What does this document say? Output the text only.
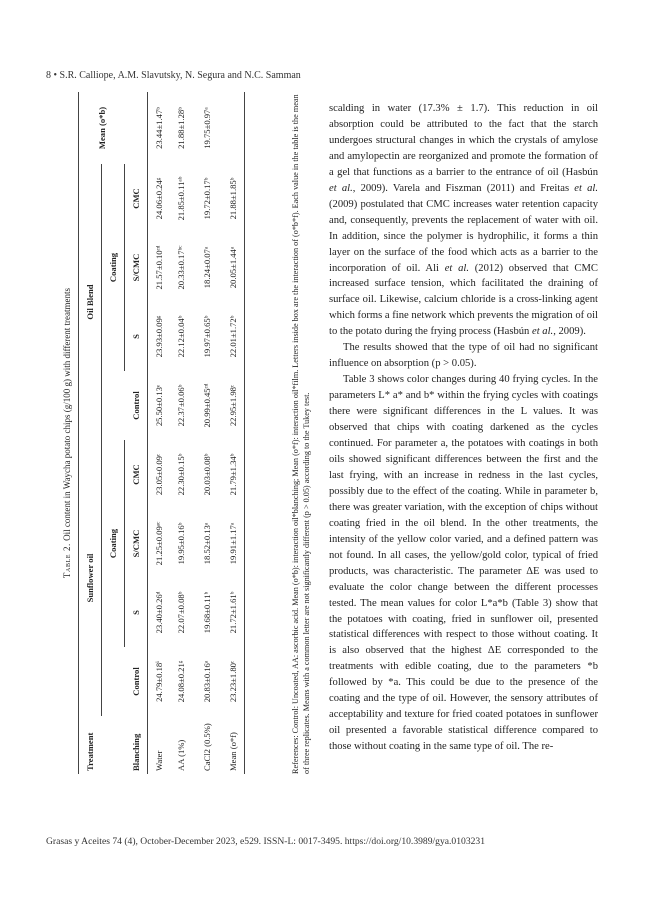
8 • S.R. Calliope, A.M. Slavutsky, N. Segura and N.C. Samman
Table 2. Oil content in Waycha potato chips (g/100 g) with different treatments
Treatment	Sunflower oil				Oil Blend				Mean (o*b)
		Coating				Coating			
Blanching	Control	S	S/CMC	CMC	Control	S	S/CMC	CMC	
Water	24.79±0.18ⁱ	23.40±0.26ᵈ	21.25±0.09ᵃᶜ	23.05±0.09ᶜ	25.50±0.13ᵉ	23.93±0.09ᵍ	21.57±0.10ᶜᵈ	24.06±0.24ᵍ	23.44±1.47ᵇ
AA (1%)	24.08±0.21ᵍ	22.07±0.08ᵇ	19.95±0.16ᵇ	22.30±0.15ᵇ	22.37±0.06ᵇ	22.12±0.04ᵇ	20.33±0.17ᵇᶜ	21.85±0.11ᵃᵇ	21.88±1.28ᵇ
CaCl2 (0.5%)	20.83±0.16ᵃ	19.68±0.11ᵇ	18.52±0.13ᵃ	20.03±0.08ᵇ	20.99±0.45ᶜᵈ	19.97±0.65ᵇ	18.24±0.07ᵃ	19.72±0.17ᵇ	19.75±0.97ᵃ
Mean (o*f)	23.23±1.80ᶜ	21.72±1.61ᵇ	19.91±1.17ᵃ	21.79±1.34ᵇ	22.95±1.98ᶜ	22.01±1.72ᵇ	20.05±1.44ᵃ	21.88±1.85ᵇ		References: Control: Uncoated, AA: ascorbic acid. Mean (o*b): interaction oil*blanching; Mean (o*f): interaction oil*film. Letters inside box are the interaction of (o*b*f). Each value in the table is the mean of three replicates. Means with a common letter are not significantly different (p > 0.05) according to the Tukey test.

scalding in water (17.3% ± 1.7). This reduction in oil absorption could be attributed to the fact that the starch undergoes structural changes in which the crystals of amylose and amylopectin are reorganized and promote the formation of a gel that functions as a barrier to the entrance of oil (Hasbún et al., 2009). Varela and Fiszman (2011) and Freitas et al. (2009) postulated that CMC increases water retention capacity and, consequently, prevents the replacement of water with oil. In addition, since the polymer is hydrophilic, it forms a thin layer on the surface of the food which acts as a barrier to the incorporation of oil. Ali et al. (2012) observed that CMC increased surface tension, which facilitated the draining of surface oil. Likewise, calcium chloride is a cross-linking agent which forms a fine network which prevents the migration of oil to the potato during the frying process (Hasbún et al., 2009).

The results showed that the type of oil had no significant influence on absorption (p > 0.05).

Table 3 shows color changes during 40 frying cycles. In the parameters L* a* and b* within the frying cycles with coatings there were significant differences in the L values. It was observed that chips with coating darkened as the cycles continued. For parameter a, the potatoes with coatings in both oils showed significant differences between the first and the last frying, with an increase in redness in the last cycles, possibly due to the effect of the coating. While in parameter b, there was greater variation, with the exception of chips without coating fried in the oil blend. In the other treatments, the intensity of the yellow color varied, and a defined pattern was not found. In all cases, the yellow/gold color, typical of fried products, was characteristic. The parameter ΔE was used to evaluate the color change between the different processes tested. The mean values for color L*a*b (Table 3) show that the potatoes with coating, fried in sunflower oil, presented statistical differences with respect to those without coating. It is also observed that the highest ΔE corresponded to the treatments with edible coating, due to the parameters *b followed by *a. This could be due to the presence of the coating and the type of oil. However, the sensory attributes of acceptability and texture for fried coated potatoes in sunflower oil presented a favorable statistical difference compared to those without coating in the same type of oil. The re-

Grasas y Aceites 74 (4), October-December 2023, e529. ISSN-L: 0017-3495. https://doi.org/10.3989/gya.0103231
